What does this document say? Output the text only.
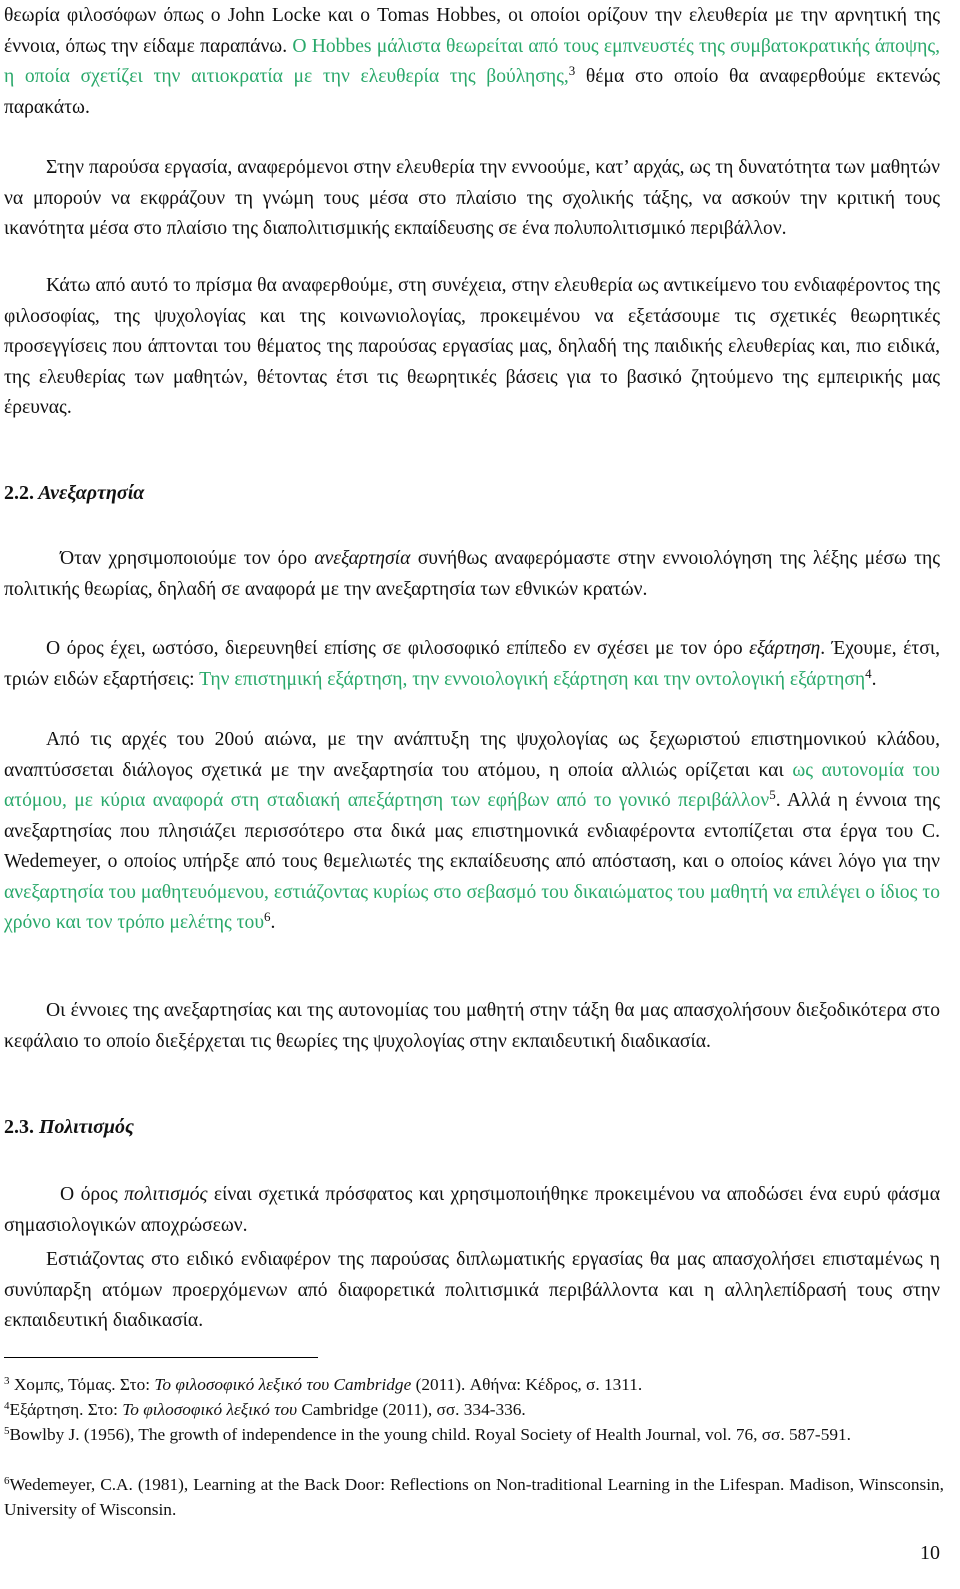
θεωρία φιλοσόφων όπως ο John Locke και ο Tomas Hobbes, οι οποίοι ορίζουν την ελευθερία με την αρνητική της έννοια, όπως την είδαμε παραπάνω. Ο Hobbes μάλιστα θεωρείται από τους εμπνευστές της συμβατοκρατικής άποψης, η οποία σχετίζει την αιτιοκρατία με την ελευθερία της βούλησης,$^3$ θέμα στο οποίο θα αναφερθούμε εκτενώς παρακάτω.

Στην παρούσα εργασία, αναφερόμενοι στην ελευθερία την εννοούμε, κατ’ αρχάς, ως τη δυνατότητα των μαθητών να μπορούν να εκφράζουν τη γνώμη τους μέσα στο πλαίσιο της σχολικής τάξης, να ασκούν την κριτική τους ικανότητα μέσα στο πλαίσιο της διαπολιτισμικής εκπαίδευσης σε ένα πολυπολιτισμικό περιβάλλον.

Κάτω από αυτό το πρίσμα θα αναφερθούμε, στη συνέχεια, στην ελευθερία ως αντικείμενο του ενδιαφέροντος της φιλοσοφίας, της ψυχολογίας και της κοινωνιολογίας, προκειμένου να εξετάσουμε τις σχετικές θεωρητικές προσεγγίσεις που άπτονται του θέματος της παρούσας εργασίας μας, δηλαδή της παιδικής ελευθερίας και, πιο ειδικά, της ελευθερίας των μαθητών, θέτοντας έτσι τις θεωρητικές βάσεις για το βασικό ζητούμενο της εμπειρικής μας έρευνας.

2.2. Ανεξαρτησία

Όταν χρησιμοποιούμε τον όρο ανεξαρτησία συνήθως αναφερόμαστε στην εννοιολόγηση της λέξης μέσω της πολιτικής θεωρίας, δηλαδή σε αναφορά με την ανεξαρτησία των εθνικών κρατών.

Ο όρος έχει, ωστόσο, διερευνηθεί επίσης σε φιλοσοφικό επίπεδο εν σχέσει με τον όρο εξάρτηση. Έχουμε, έτσι, τριών ειδών εξαρτήσεις: Την επιστημική εξάρτηση, την εννοιολογική εξάρτηση και την οντολογική εξάρτηση$^4$.

Από τις αρχές του 20ού αιώνα, με την ανάπτυξη της ψυχολογίας ως ξεχωριστού επιστημονικού κλάδου, αναπτύσσεται διάλογος σχετικά με την ανεξαρτησία του ατόμου, η οποία αλλιώς ορίζεται και ως αυτονομία του ατόμου, με κύρια αναφορά στη σταδιακή απεξάρτηση των εφήβων από το γονικό περιβάλλον$^5$. Αλλά η έννοια της ανεξαρτησίας που πλησιάζει περισσότερο στα δικά μας επιστημονικά ενδιαφέροντα εντοπίζεται στα έργα του C. Wedemeyer, ο οποίος υπήρξε από τους θεμελιωτές της εκπαίδευσης από απόσταση, και ο οποίος κάνει λόγο για την ανεξαρτησία του μαθητευόμενου, εστιάζοντας κυρίως στο σεβασμό του δικαιώματος του μαθητή να επιλέγει ο ίδιος το χρόνο και τον τρόπο μελέτης του$^6$.

Οι έννοιες της ανεξαρτησίας και της αυτονομίας του μαθητή στην τάξη θα μας απασχολήσουν διεξοδικότερα στο κεφάλαιο το οποίο διεξέρχεται τις θεωρίες της ψυχολογίας στην εκπαιδευτική διαδικασία.

2.3. Πολιτισμός

Ο όρος πολιτισμός είναι σχετικά πρόσφατος και χρησιμοποιήθηκε προκειμένου να αποδώσει ένα ευρύ φάσμα σημασιολογικών αποχρώσεων.

Εστιάζοντας στο ειδικό ενδιαφέρον της παρούσας διπλωματικής εργασίας θα μας απασχολήσει επισταμένως η συνύπαρξη ατόμων προερχόμενων από διαφορετικά πολιτισμικά περιβάλλοντα και η αλληλεπίδρασή τους στην εκπαιδευτική διαδικασία.

$^3$ Χομπς, Τόμας. Στο: Το φιλοσοφικό λεξικό του Cambridge (2011). Αθήνα: Κέδρος, σ. 1311.

$^4$Εξάρτηση. Στο: Το φιλοσοφικό λεξικό του Cambridge (2011), σσ. 334-336.

$^5$Bowlby J. (1956), The growth of independence in the young child. Royal Society of Health Journal, vol. 76, σσ. 587-591.

$^6$Wedemeyer, C.A. (1981), Learning at the Back Door: Reflections on Non-traditional Learning in the Lifespan. Madison, Winsconsin, University of Wisconsin.

10
